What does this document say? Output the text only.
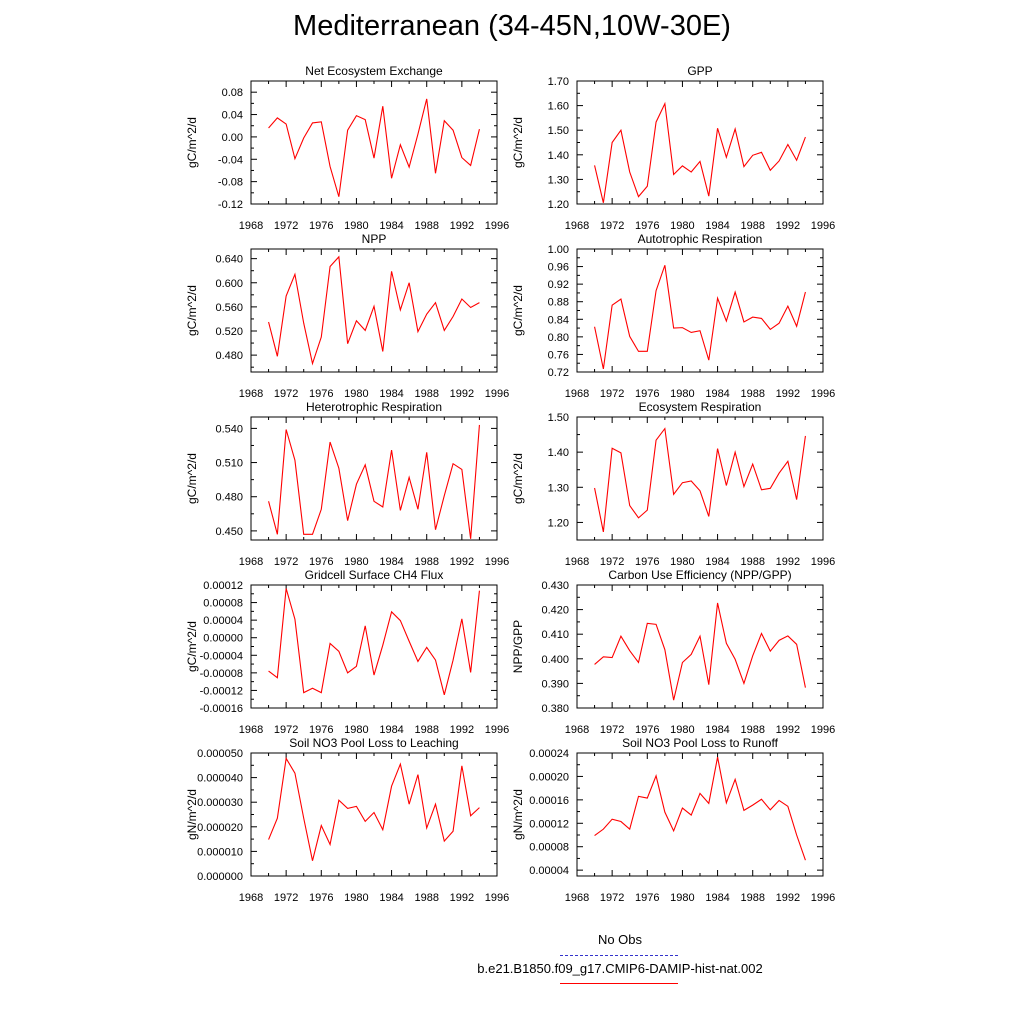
Mediterranean (34-45N,10W-30E)
Net Ecosystem Exchange
gC/m^2/d
1968 1972 1976 1980 1984 1988 1992 1996
-0.12
-0.08
-0.04
0.00
0.04
0.08
GPP
gC/m^2/d
1968 1972 1976 1980 1984 1988 1992 1996
1.20
1.30
1.40
1.50
1.60
1.70
NPP
gC/m^2/d
1968 1972 1976 1980 1984 1988 1992 1996
0.480
0.520
0.560
0.600
0.640
Autotrophic Respiration
gC/m^2/d
1968 1972 1976 1980 1984 1988 1992 1996
0.72
0.76
0.80
0.84
0.88
0.92
0.96
1.00
Heterotrophic Respiration
gC/m^2/d
1968 1972 1976 1980 1984 1988 1992 1996
0.450
0.480
0.510
0.540
Ecosystem Respiration
gC/m^2/d
1968 1972 1976 1980 1984 1988 1992 1996
1.20
1.30
1.40
1.50
Gridcell Surface CH4 Flux
gC/m^2/d
1968 1972 1976 1980 1984 1988 1992 1996
-0.00016
-0.00012
-0.00008
-0.00004
0.00000
0.00004
0.00008
0.00012
Carbon Use Efficiency (NPP/GPP)
NPP/GPP
1968 1972 1976 1980 1984 1988 1992 1996
0.380
0.390
0.400
0.410
0.420
0.430
Soil NO3 Pool Loss to Leaching
gN/m^2/d
1968 1972 1976 1980 1984 1988 1992 1996
0.000000
0.000010
0.000020
0.000030
0.000040
0.000050
Soil NO3 Pool Loss to Runoff
gN/m^2/d
1968 1972 1976 1980 1984 1988 1992 1996
0.00004
0.00008
0.00012
0.00016
0.00020
0.00024
No Obs
b.e21.B1850.f09_g17.CMIP6-DAMIP-hist-nat.002
